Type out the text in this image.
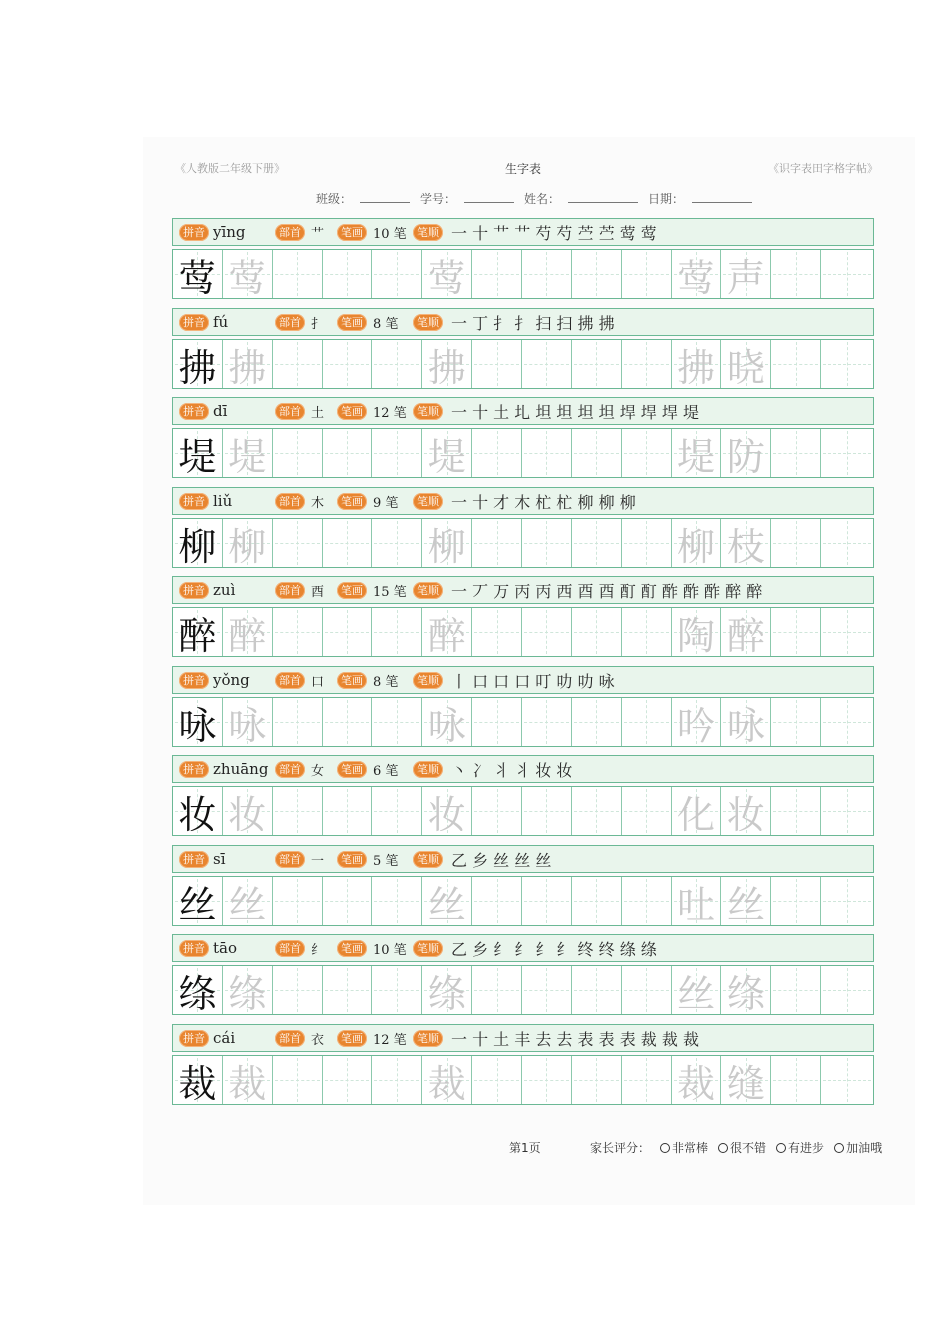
《人教版二年级下册》	生字表	《识字表田字格字帖》
班级：	学号：	姓名：	日期：
拼音 yīng	部首 艹	笔画 10 笔 笔顺 一 十 艹 艹 芍 芍 苎 苎 莺 莺
莺 莺	莺	莺 声
拼音 fú	部首 扌	笔画 8 笔	笔顺 一 丁 扌 扌 扫 扫 拂 拂
拂 拂	拂	拂 晓
拼音 dī	部首 土	笔画 12 笔 笔顺 一 十 土 圠 坦 坦 坦 坦 垾 垾 垾 堤
堤 堤	堤	堤 防
拼音 liǔ	部首 木	笔画 9 笔	笔顺 一 十 才 木 杧 杧 柳 柳 柳
柳 柳	柳	柳 枝
拼音 zuì	部首 酉	笔画 15 笔 笔顺 一 丆 万 丙 丙 西 酉 酉 酊 酊 酢 酢 酢 醉 醉
醉 醉	醉	陶 醉
拼音 yǒng	部首 口	笔画 8 笔	笔顺 丨 口 口 口 叮 叻 叻 咏
咏 咏	咏	吟 咏
拼音 zhuāng 部首 女	笔画 6 笔	笔顺 丶 冫 丬 丬 妆 妆
妆 妆	妆	化 妆
拼音 sī	部首 一	笔画 5 笔	笔顺 乙 乡 丝 丝 丝
丝 丝	丝	吐 丝
拼音 tāo	部首 纟	笔画 10 笔 笔顺 乙 乡 纟 纟 纟 纟 终 终 绦 绦
绦 绦	绦	丝 绦
拼音 cái	部首 衣	笔画 12 笔 笔顺 一 十 土 丰 去 去 表 表 表 裁 裁 裁
裁 裁	裁	裁 缝
第1页	家长评分：	非常棒	很不错	有进步	加油哦
